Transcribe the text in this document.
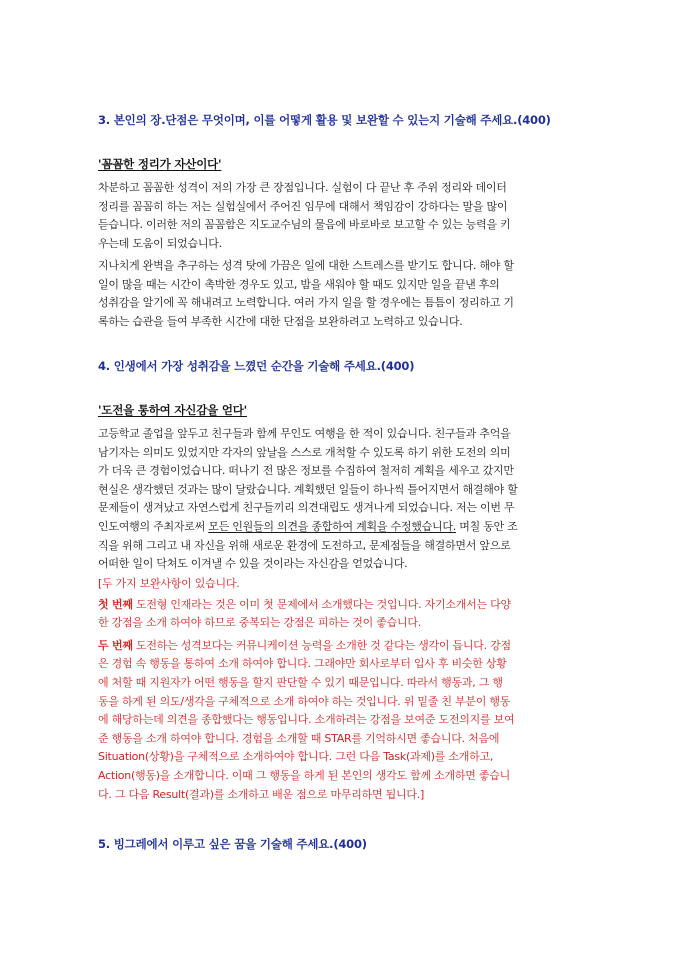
3. 본인의 장.단점은 무엇이며, 이를 어떻게 활용 및 보완할 수 있는지 기술해 주세요.(400)
'꼼꼼한 정리가 자산이다'
차분하고 꼼꼼한 성격이 저의 가장 큰 장점입니다. 실험이 다 끝난 후 주위 정리와 데이터
정리를 꼼꼼히 하는 저는 실험실에서 주어진 임무에 대해서 책임감이 강하다는 말을 많이
듣습니다. 이러한 저의 꼼꼼함은 지도교수님의 물음에 바로바로 보고할 수 있는 능력을 키
우는데 도움이 되었습니다.
지나치게 완벽을 추구하는 성격 탓에 가끔은 일에 대한 스트레스를 받기도 합니다. 해야 할
일이 많을 때는 시간이 촉박한 경우도 있고, 밤을 새워야 할 때도 있지만 일을 끝낸 후의
성취감을 알기에 꼭 해내려고 노력합니다. 여러 가지 일을 할 경우에는 틈틈이 정리하고 기
록하는 습관을 들여 부족한 시간에 대한 단점을 보완하려고 노력하고 있습니다.
4. 인생에서 가장 성취감을 느꼈던 순간을 기술해 주세요.(400)
'도전을 통하여 자신감을 얻다'
고등학교 졸업을 앞두고 친구들과 함께 무인도 여행을 한 적이 있습니다. 친구들과 추억을
남기자는 의미도 있었지만 각자의 앞날을 스스로 개척할 수 있도록 하기 위한 도전의 의미
가 더욱 큰 경험이었습니다. 떠나기 전 많은 정보를 수집하여 철저히 계획을 세우고 갔지만
현실은 생각했던 것과는 많이 달랐습니다. 계획했던 일들이 하나씩 틀어지면서 해결해야 할
문제들이 생겨났고 자연스럽게 친구들끼리 의견대립도 생겨나게 되었습니다. 저는 이번 무
인도여행의 주최자로써 모든 인원들의 의견을 종합하여 계획을 수정했습니다. 며칠 동안 조
직을 위해 그리고 내 자신을 위해 새로운 환경에 도전하고, 문제점들을 해결하면서 앞으로
어떠한 일이 닥쳐도 이겨낼 수 있을 것이라는 자신감을 얻었습니다.
[두 가지 보완사항이 있습니다.
첫 번째 도전형 인재라는 것은 이미 첫 문제에서 소개했다는 것입니다. 자기소개서는 다양
한 강점을 소개 하여야 하므로 중복되는 강점은 피하는 것이 좋습니다.
두 번째 도전하는 성격보다는 커뮤니케이션 능력을 소개한 것 같다는 생각이 듭니다. 강점
은 경험 속 행동을 통하여 소개 하여야 합니다. 그래야만 회사로부터 입사 후 비슷한 상황
에 처할 때 지원자가 어떤 행동을 할지 판단할 수 있기 때문입니다. 따라서 행동과, 그 행
동을 하게 된 의도/생각을 구체적으로 소개 하여야 하는 것입니다. 위 밑줄 친 부분이 행동
에 해당하는데 의견을 종합했다는 행동입니다. 소개하려는 강점을 보여준 도전의지를 보여
준 행동을 소개 하여야 합니다. 경험을 소개할 때 STAR를 기억하시면 좋습니다. 처음에
Situation(상황)을 구체적으로 소개하여야 합니다. 그런 다음 Task(과제)를 소개하고,
Action(행동)을 소개합니다. 이때 그 행동을 하게 된 본인의 생각도 함께 소개하면 좋습니
다. 그 다음 Result(결과)를 소개하고 배운 점으로 마무리하면 됩니다.]
5. 빙그레에서 이루고 싶은 꿈을 기술해 주세요.(400)
